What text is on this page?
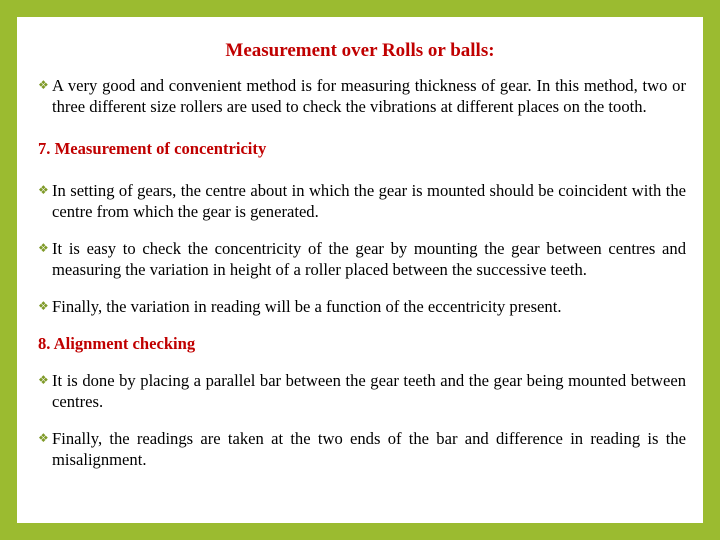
Measurement over Rolls or balls:
❖ A very good and convenient method is for measuring thickness of gear. In this method, two or three different size rollers are used to check the vibrations at different places on the tooth.
7. Measurement of concentricity
❖ In setting of gears, the centre about in which the gear is mounted should be coincident with the centre from which the gear is generated.
❖ It is easy to check the concentricity of the gear by mounting the gear between centres and measuring the variation in height of a roller placed between the successive teeth.
❖ Finally, the variation in reading will be a function of the eccentricity present.
8. Alignment checking
❖ It is done by placing a parallel bar between the gear teeth and the gear being mounted between centres.
❖ Finally, the readings are taken at the two ends of the bar and difference in reading is the misalignment.
